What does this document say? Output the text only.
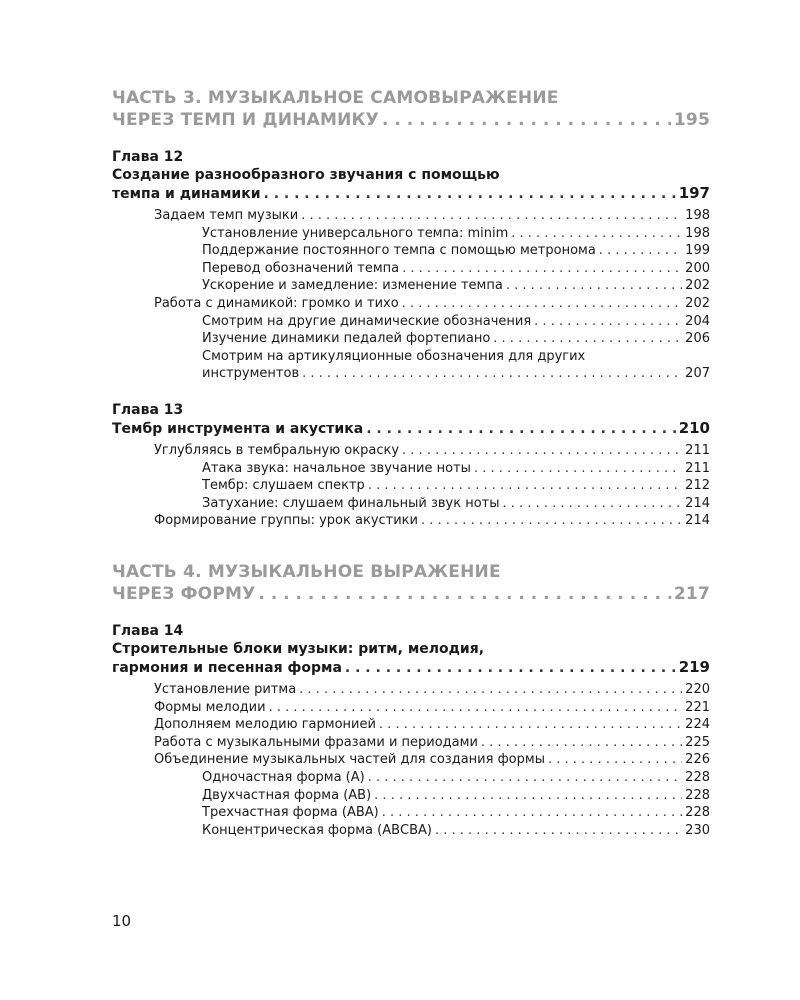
ЧАСТЬ 3. МУЗЫКАЛЬНОЕ САМОВЫРАЖЕНИЕ
ЧЕРЕЗ ТЕМП И ДИНАМИКУ . . .	195
Глава 12
Создание разнообразного звучания с помощью
темпа и динамики . . .	197
Задаем темп музыки . . .	198
Установление универсального темпа: minim . . .	198
Поддержание постоянного темпа с помощью метронома . . .	199
Перевод обозначений темпа . . .	200
Ускорение и замедление: изменение темпа . . .	202
Работа с динамикой: громко и тихо . . .	202
Смотрим на другие динамические обозначения . . .	204
Изучение динамики педалей фортепиано . . .	206
Смотрим на артикуляционные обозначения для других
инструментов . . .	207
Глава 13
Тембр инструмента и акустика . . .	210
Углубляясь в тембральную окраску . . .	211
Атака звука: начальное звучание ноты . . .	211
Тембр: слушаем спектр . . .	212
Затухание: слушаем финальный звук ноты . . .	214
Формирование группы: урок акустики . . .	214
ЧАСТЬ 4. МУЗЫКАЛЬНОЕ ВЫРАЖЕНИЕ
ЧЕРЕЗ ФОРМУ . . .	217
Глава 14
Строительные блоки музыки: ритм, мелодия,
гармония и песенная форма . . .	219
Установление ритма . . .	220
Формы мелодии . . .	221
Дополняем мелодию гармонией . . .	224
Работа с музыкальными фразами и периодами . . .	225
Объединение музыкальных частей для создания формы . . .	226
Одночастная форма (А) . . .	228
Двухчастная форма (АВ) . . .	228
Трехчастная форма (АВА) . . .	228
Концентрическая форма (АВСВА) . . .	230
10
